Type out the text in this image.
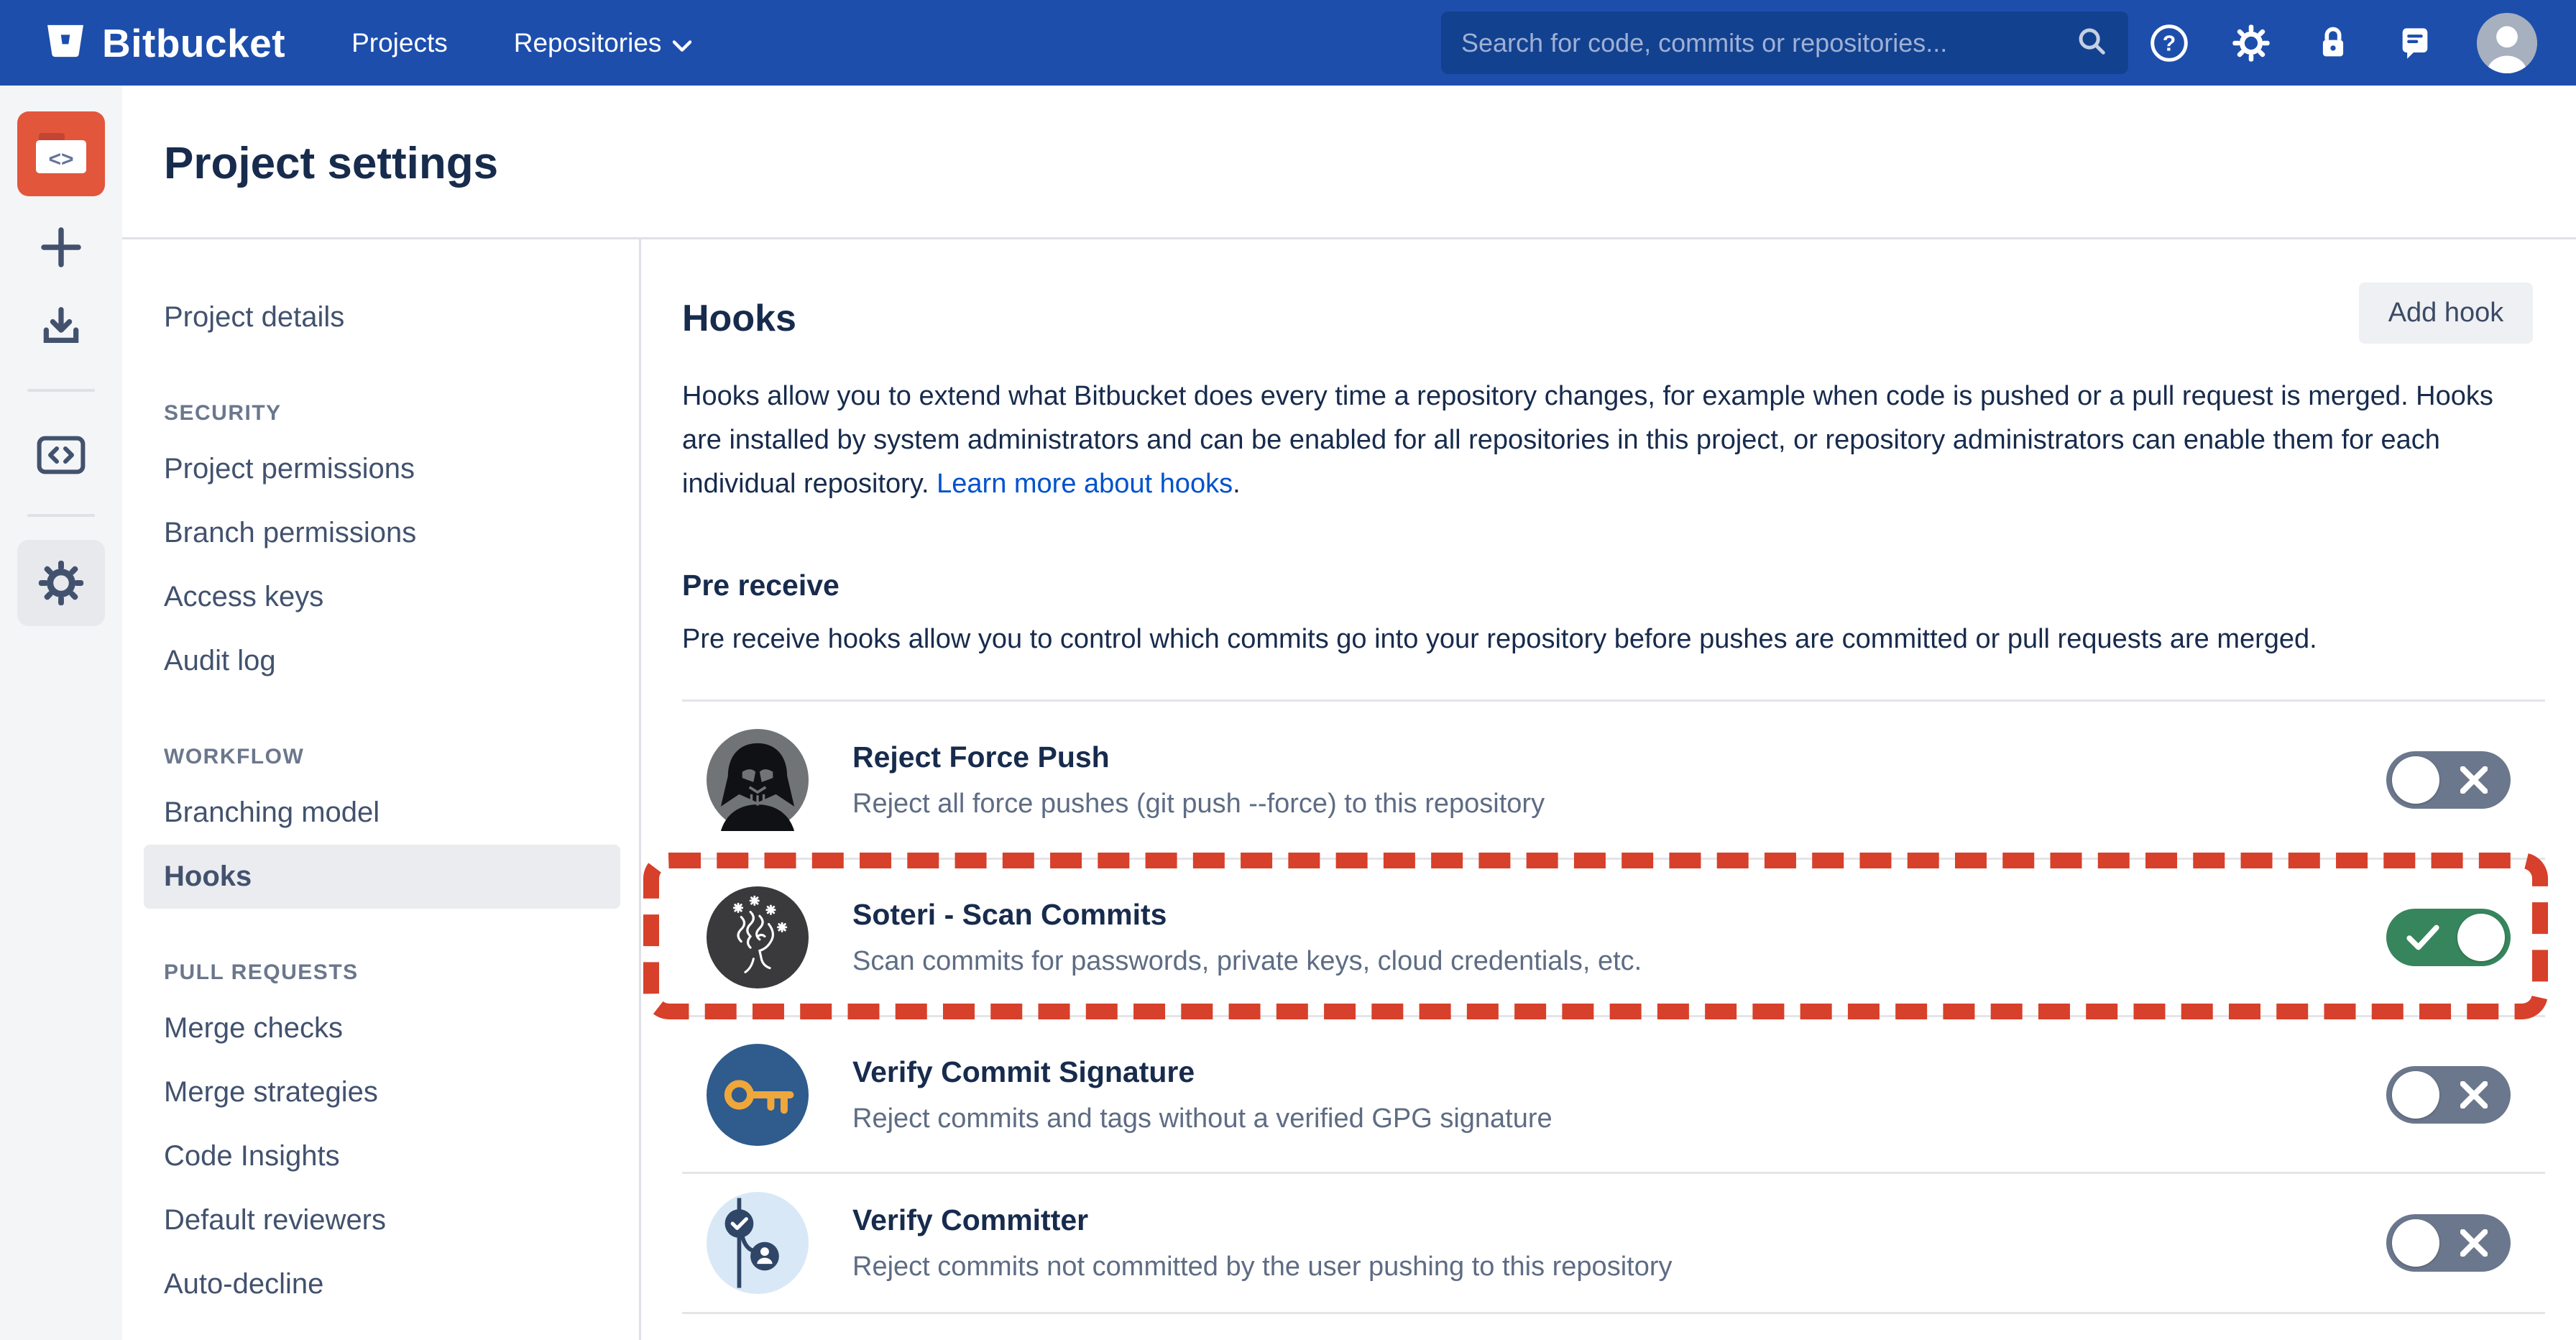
Bitbucket Projects Repositories
Search for code, commits or repositories...	?
<> Project settings
Project details
SECURITY
Project permissions
Branch permissions
Access keys
Audit log
WORKFLOW
Branching model
Hooks
PULL REQUESTS
Merge checks
Merge strategies
Code Insights
Default reviewers
Auto-decline
Hooks	Add hook

Hooks allow you to extend what Bitbucket does every time a repository changes, for example when code is pushed or a pull request is merged. Hooks are installed by system administrators and can be enabled for all repositories in this project, or repository administrators can enable them for each individual repository. Learn more about hooks.

Pre receive

Pre receive hooks allow you to control which commits go into your repository before pushes are committed or pull requests are merged.

Reject Force Push
Reject all force pushes (git push --force) to this repository
Soteri - Scan Commits
Scan commits for passwords, private keys, cloud credentials, etc.
Verify Commit Signature
Reject commits and tags without a verified GPG signature
Verify Committer
Reject commits not committed by the user pushing to this repository
